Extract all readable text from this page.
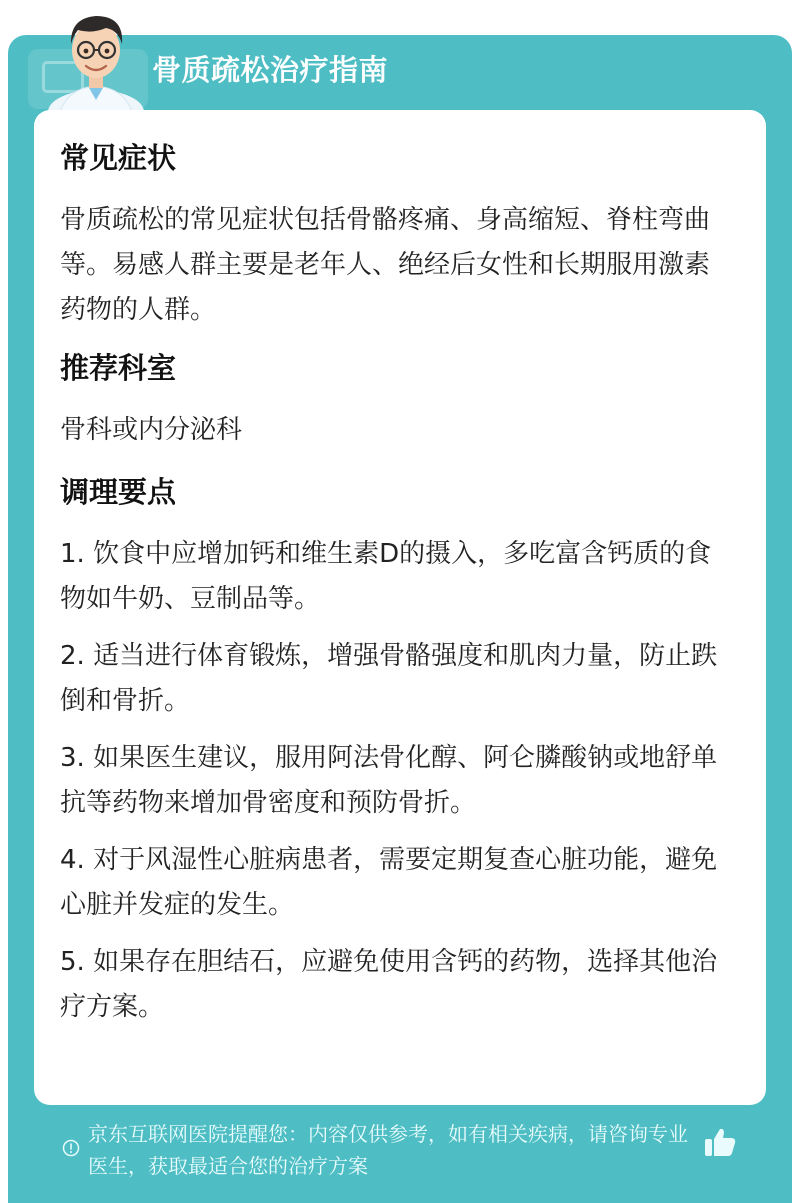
骨质疏松治疗指南
常见症状
骨质疏松的常见症状包括骨骼疼痛、身高缩短、脊柱弯曲等。易感人群主要是老年人、绝经后女性和长期服用激素药物的人群。
推荐科室
骨科或内分泌科
调理要点
1. 饮食中应增加钙和维生素D的摄入，多吃富含钙质的食物如牛奶、豆制品等。
2. 适当进行体育锻炼，增强骨骼强度和肌肉力量，防止跌倒和骨折。
3. 如果医生建议，服用阿法骨化醇、阿仑膦酸钠或地舒单抗等药物来增加骨密度和预防骨折。
4. 对于风湿性心脏病患者，需要定期复查心脏功能，避免心脏并发症的发生。
5. 如果存在胆结石，应避免使用含钙的药物，选择其他治疗方案。
京东互联网医院提醒您：内容仅供参考，如有相关疾病，请咨询专业医生，获取最适合您的治疗方案
